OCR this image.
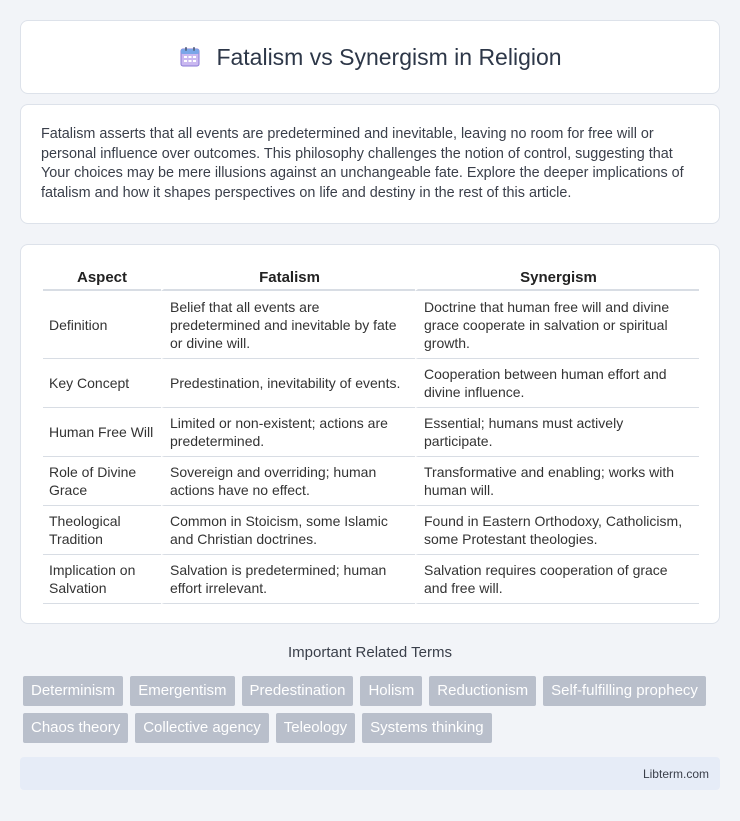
Fatalism vs Synergism in Religion

Fatalism asserts that all events are predetermined and inevitable, leaving no room for free will or personal influence over outcomes. This philosophy challenges the notion of control, suggesting that Your choices may be mere illusions against an unchangeable fate. Explore the deeper implications of fatalism and how it shapes perspectives on life and destiny in the rest of this article.

Aspect	Fatalism	Synergism
Definition	Belief that all events are predetermined and inevitable by fate or divine will.	Doctrine that human free will and divine grace cooperate in salvation or spiritual growth.
Key Concept	Predestination, inevitability of events.	Cooperation between human effort and divine influence.
Human Free Will	Limited or non-existent; actions are predetermined.	Essential; humans must actively participate.
Role of Divine Grace	Sovereign and overriding; human actions have no effect.	Transformative and enabling; works with human will.
Theological Tradition	Common in Stoicism, some Islamic and Christian doctrines.	Found in Eastern Orthodoxy, Catholicism, some Protestant theologies.
Implication on Salvation	Salvation is predetermined; human effort irrelevant.	Salvation requires cooperation of grace and free will.
Important Related Terms
Determinism	Emergentism	Predestination	Holism	Reductionism	Self-fulfilling prophecy
Chaos theory	Collective agency	Teleology	Systems thinking
Libterm.com
